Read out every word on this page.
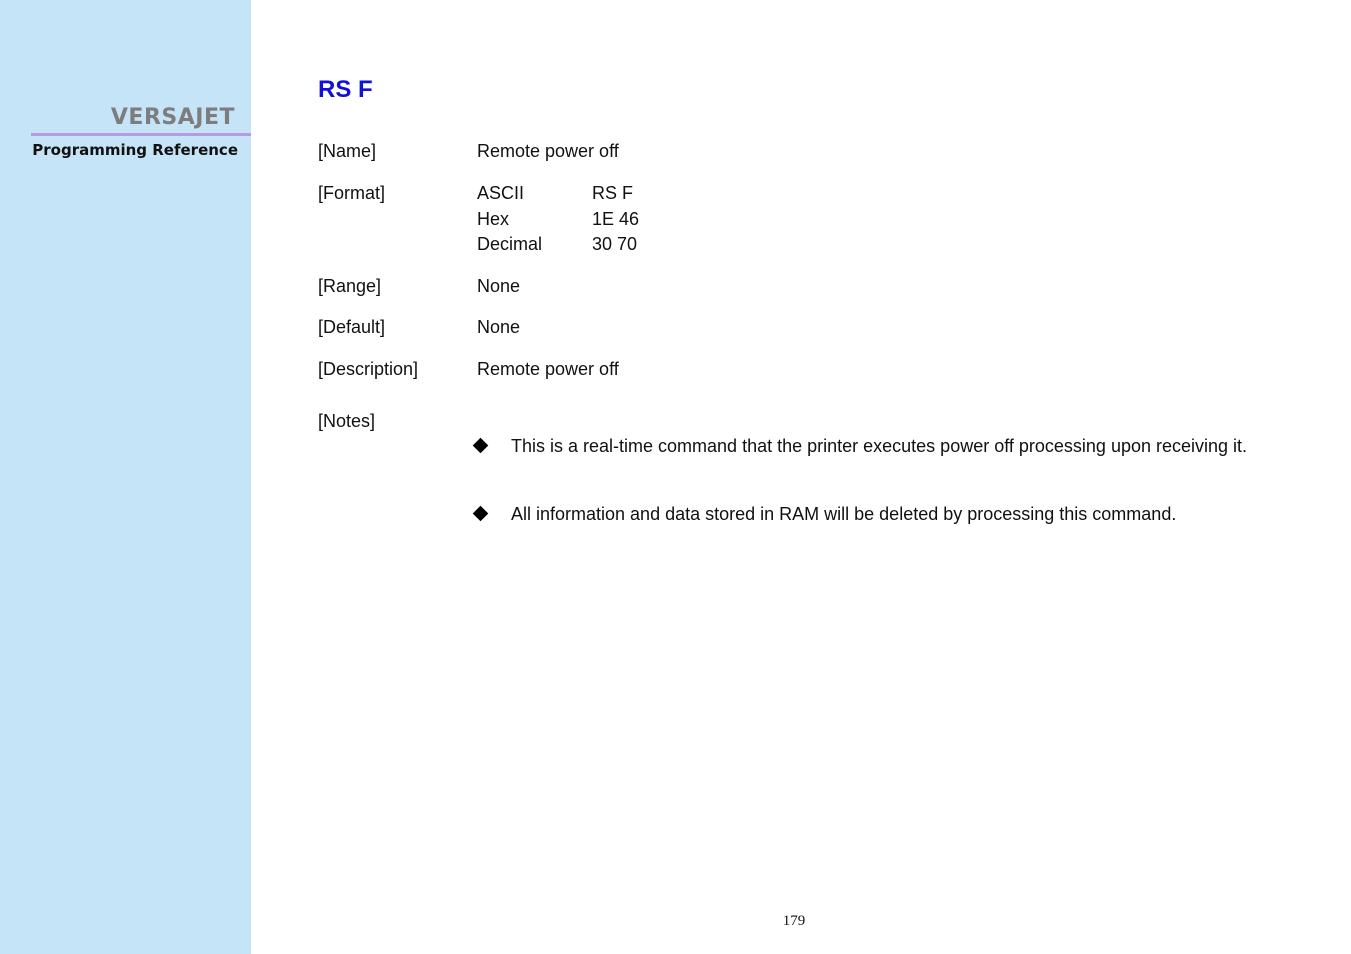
VERSAJET
Programming Reference
RS F
[Name]	Remote power off
[Format]	ASCII	RS F
Hex	1E 46
Decimal	30 70
[Range]	None
[Default]	None
[Description]	Remote power off
[Notes]
This is a real-time command that the printer executes power off processing upon receiving it.
All information and data stored in RAM will be deleted by processing this command.
179
